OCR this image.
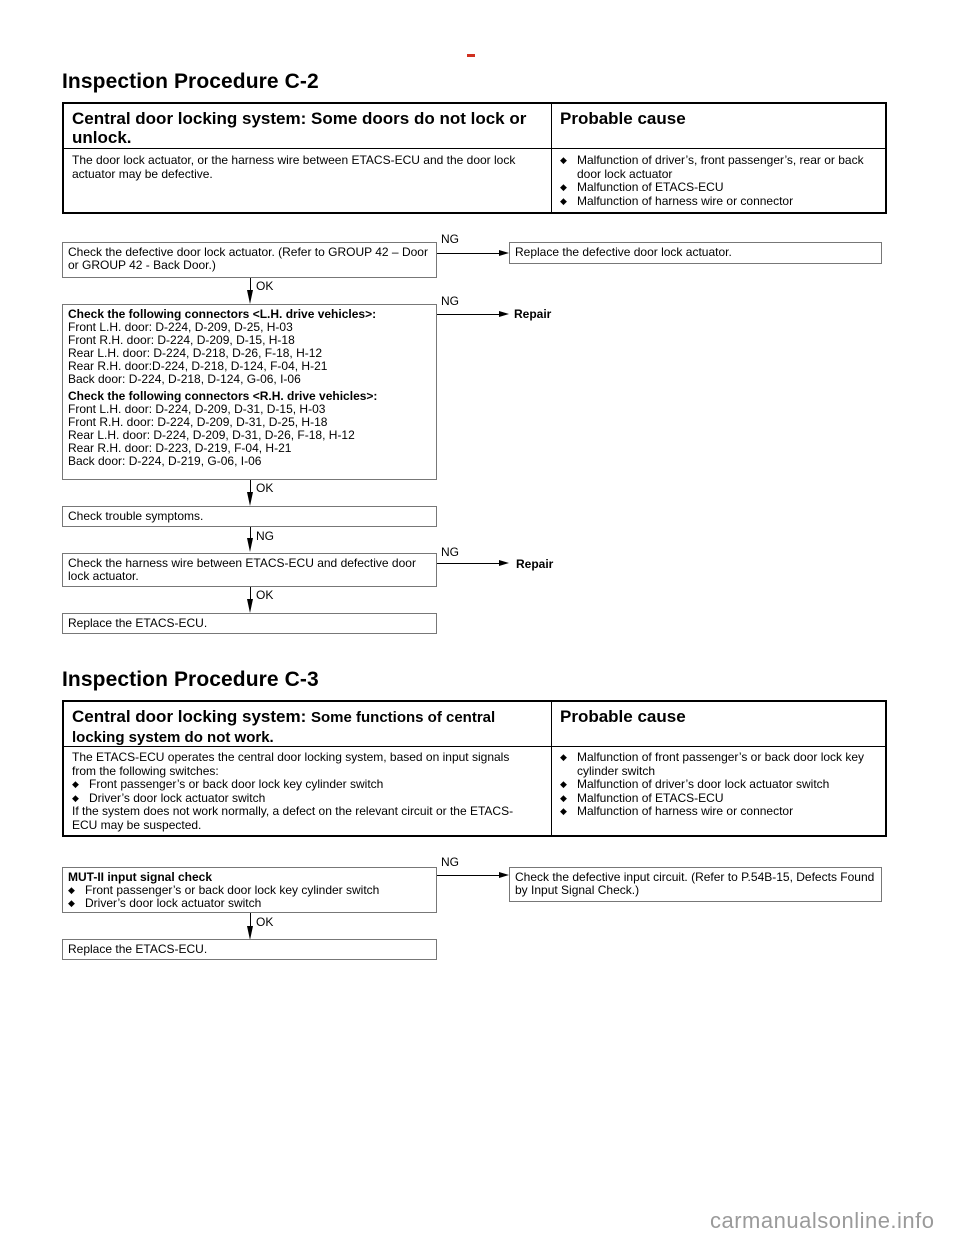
Inspection Procedure C-2
Central door locking system: Some doors do not lock or unlock.
Probable cause
The door lock actuator, or the harness wire between ETACS-ECU and the door lock actuator may be defective.
◆ Malfunction of driver’s, front passenger’s, rear or back door lock actuator
◆ Malfunction of ETACS-ECU
◆ Malfunction of harness wire or connector
Check the defective door lock actuator. (Refer to GROUP 42 – Door or GROUP 42 - Back Door.)
NG
Replace the defective door lock actuator.
OK
Check the following connectors <L.H. drive vehicles>:
Front L.H. door: D-224, D-209, D-25, H-03
Front R.H. door: D-224, D-209, D-15, H-18
Rear L.H. door: D-224, D-218, D-26, F-18, H-12
Rear R.H. door:D-224, D-218, D-124, F-04, H-21
Back door: D-224, D-218, D-124, G-06, I-06
Check the following connectors <R.H. drive vehicles>:
Front L.H. door: D-224, D-209, D-31, D-15, H-03
Front R.H. door: D-224, D-209, D-31, D-25, H-18
Rear L.H. door: D-224, D-209, D-31, D-26, F-18, H-12
Rear R.H. door: D-223, D-219, F-04, H-21
Back door: D-224, D-219, G-06, I-06
NG
Repair
OK
Check trouble symptoms.
NG
Check the harness wire between ETACS-ECU and defective door lock actuator.
NG
Repair
OK
Replace the ETACS-ECU.
Inspection Procedure C-3
Central door locking system: Some functions of central locking system do not work.
Probable cause
The ETACS-ECU operates the central door locking system, based on input signals from the following switches:
◆ Front passenger’s or back door lock key cylinder switch
◆ Driver’s door lock actuator switch
If the system does not work normally, a defect on the relevant circuit or the ETACS-ECU may be suspected.
◆ Malfunction of front passenger’s or back door lock key cylinder switch
◆ Malfunction of driver’s door lock actuator switch
◆ Malfunction of ETACS-ECU
◆ Malfunction of harness wire or connector
MUT-II input signal check
◆ Front passenger’s or back door lock key cylinder switch
◆ Driver’s door lock actuator switch
NG
Check the defective input circuit. (Refer to P.54B-15, Defects Found by Input Signal Check.)
OK
Replace the ETACS-ECU.
carmanualsonline.info
